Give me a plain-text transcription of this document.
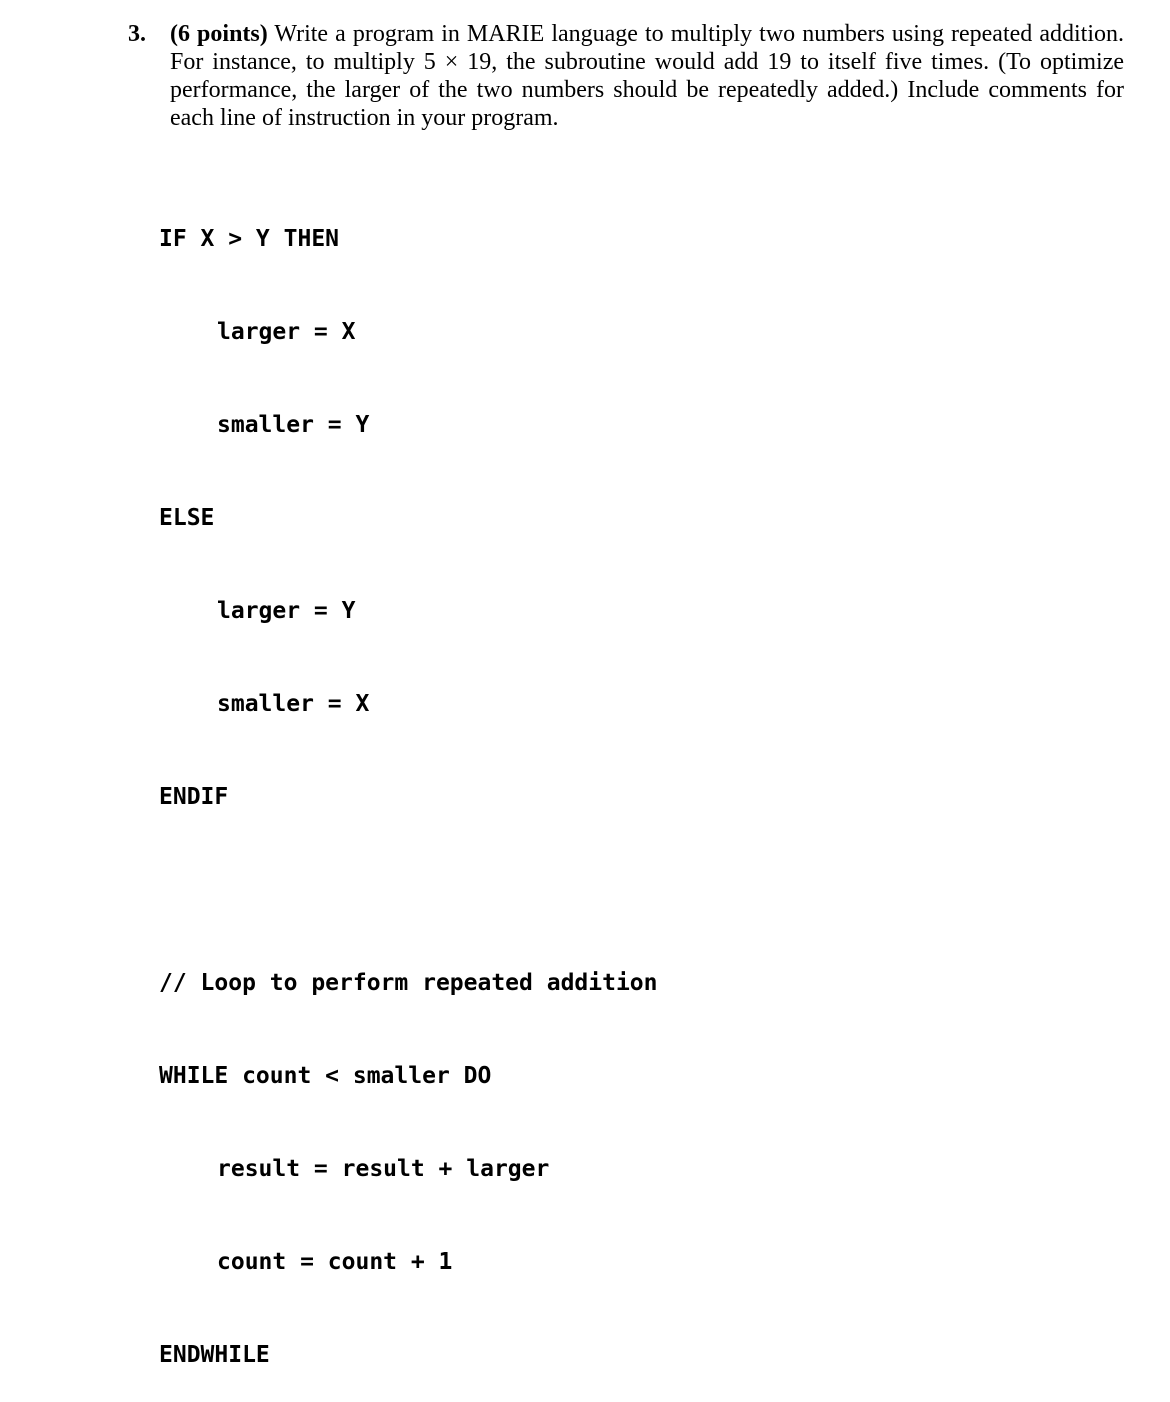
3. (6 points) Write a program in MARIE language to multiply two numbers using repeated addition. For instance, to multiply 5 × 19, the subroutine would add 19 to itself five times. (To optimize performance, the larger of the two numbers should be repeatedly added.) Include comments for each line of instruction in your program.

IF X > Y THEN

larger = X

smaller = Y

ELSE

larger = Y

smaller = X

ENDIF

// Loop to perform repeated addition

WHILE count < smaller DO

result = result + larger

count = count + 1

ENDWHILE
